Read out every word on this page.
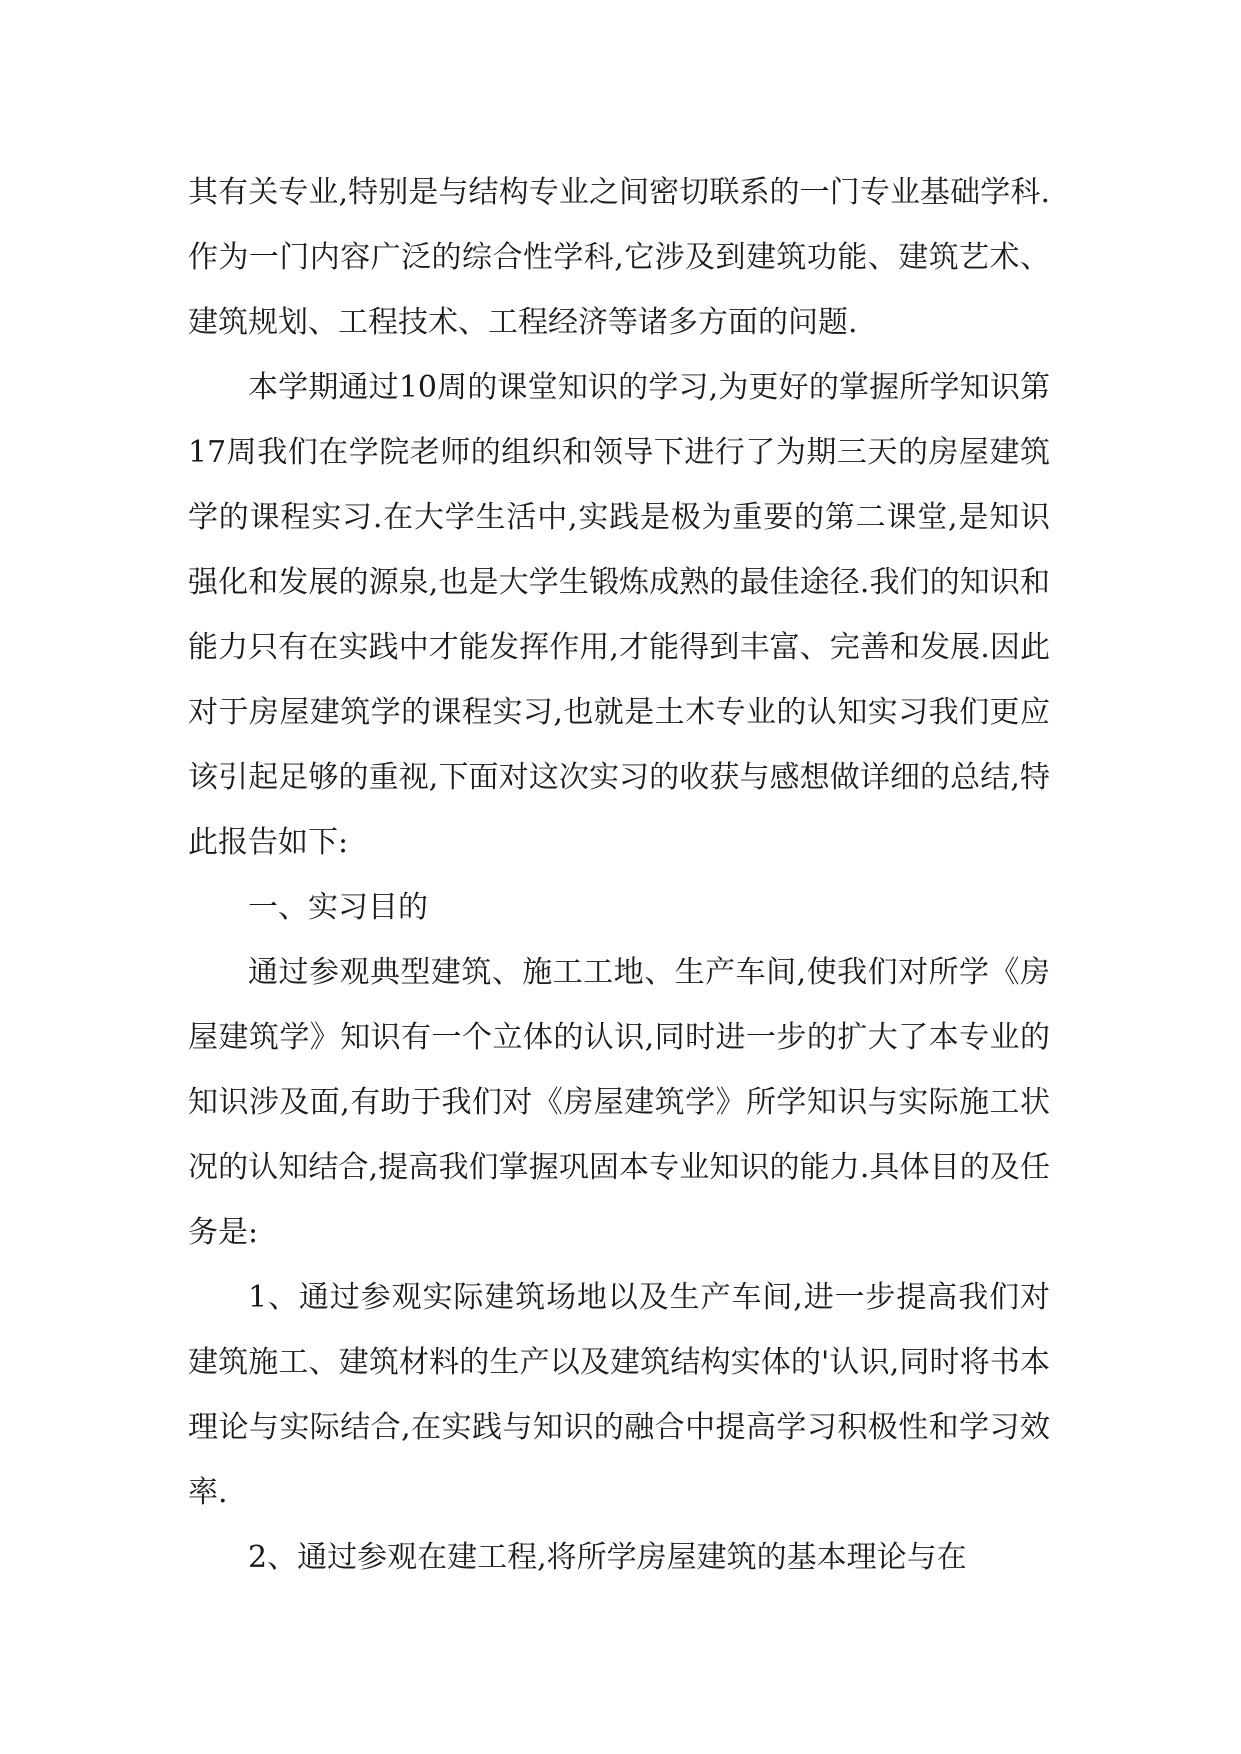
其有关专业,特别是与结构专业之间密切联系的一门专业基础学科.作为一门内容广泛的综合性学科,它涉及到建筑功能、建筑艺术、建筑规划、工程技术、工程经济等诸多方面的问题.

本学期通过10周的课堂知识的学习,为更好的掌握所学知识第17周我们在学院老师的组织和领导下进行了为期三天的房屋建筑学的课程实习.在大学生活中,实践是极为重要的第二课堂,是知识强化和发展的源泉,也是大学生锻炼成熟的最佳途径.我们的知识和能力只有在实践中才能发挥作用,才能得到丰富、完善和发展.因此对于房屋建筑学的课程实习,也就是土木专业的认知实习我们更应该引起足够的重视,下面对这次实习的收获与感想做详细的总结,特此报告如下:

一、实习目的

通过参观典型建筑、施工工地、生产车间,使我们对所学《房屋建筑学》知识有一个立体的认识,同时进一步的扩大了本专业的知识涉及面,有助于我们对《房屋建筑学》所学知识与实际施工状况的认知结合,提高我们掌握巩固本专业知识的能力.具体目的及任务是:

1、通过参观实际建筑场地以及生产车间,进一步提高我们对建筑施工、建筑材料的生产以及建筑结构实体的'认识,同时将书本理论与实际结合,在实践与知识的融合中提高学习积极性和学习效率.

2、通过参观在建工程,将所学房屋建筑的基本理论与在
